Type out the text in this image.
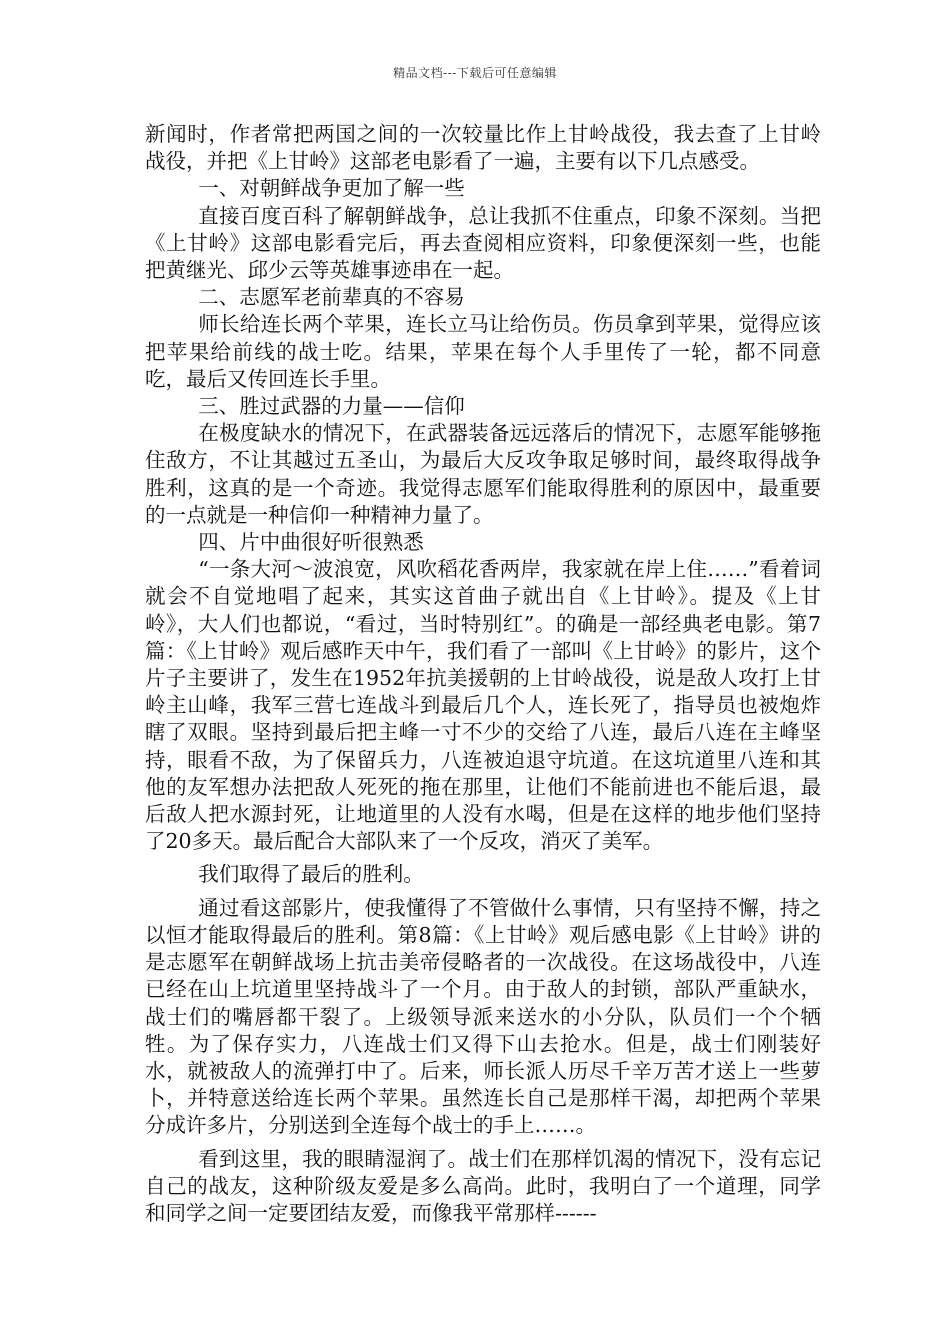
精品文档---下载后可任意编辑

新闻时，作者常把两国之间的一次较量比作上甘岭战役，我去查了上甘岭战役，并把《上甘岭》这部老电影看了一遍，主要有以下几点感受。

一、对朝鲜战争更加了解一些

直接百度百科了解朝鲜战争，总让我抓不住重点，印象不深刻。当把《上甘岭》这部电影看完后，再去查阅相应资料，印象便深刻一些，也能把黄继光、邱少云等英雄事迹串在一起。

二、志愿军老前辈真的不容易

师长给连长两个苹果，连长立马让给伤员。伤员拿到苹果，觉得应该把苹果给前线的战士吃。结果，苹果在每个人手里传了一轮，都不同意吃，最后又传回连长手里。

三、胜过武器的力量——信仰

在极度缺水的情况下，在武器装备远远落后的情况下，志愿军能够拖住敌方，不让其越过五圣山，为最后大反攻争取足够时间，最终取得战争胜利，这真的是一个奇迹。我觉得志愿军们能取得胜利的原因中，最重要的一点就是一种信仰一种精神力量了。

四、片中曲很好听很熟悉

“一条大河～波浪宽，风吹稻花香两岸，我家就在岸上住……”看着词就会不自觉地唱了起来，其实这首曲子就出自《上甘岭》。提及《上甘岭》，大人们也都说，“看过，当时特别红”。的确是一部经典老电影。第7篇：《上甘岭》观后感昨天中午，我们看了一部叫《上甘岭》的影片，这个片子主要讲了，发生在1952年抗美援朝的上甘岭战役，说是敌人攻打上甘岭主山峰，我军三营七连战斗到最后几个人，连长死了，指导员也被炮炸瞎了双眼。坚持到最后把主峰一寸不少的交给了八连，最后八连在主峰坚持，眼看不敌，为了保留兵力，八连被迫退守坑道。在这坑道里八连和其他的友军想办法把敌人死死的拖在那里，让他们不能前进也不能后退，最后敌人把水源封死，让地道里的人没有水喝，但是在这样的地步他们坚持了20多天。最后配合大部队来了一个反攻，消灭了美军。

我们取得了最后的胜利。

通过看这部影片，使我懂得了不管做什么事情，只有坚持不懈，持之以恒才能取得最后的胜利。第8篇：《上甘岭》观后感电影《上甘岭》讲的是志愿军在朝鲜战场上抗击美帝侵略者的一次战役。在这场战役中，八连已经在山上坑道里坚持战斗了一个月。由于敌人的封锁，部队严重缺水，战士们的嘴唇都干裂了。上级领导派来送水的小分队，队员们一个个牺牲。为了保存实力，八连战士们又得下山去抢水。但是，战士们刚装好水，就被敌人的流弹打中了。后来，师长派人历尽千辛万苦才送上一些萝卜，并特意送给连长两个苹果。虽然连长自己是那样干渴，却把两个苹果分成许多片，分别送到全连每个战士的手上……。

看到这里，我的眼睛湿润了。战士们在那样饥渴的情况下，没有忘记自己的战友，这种阶级友爱是多么高尚。此时，我明白了一个道理，同学和同学之间一定要团结友爱，而像我平常那样------
